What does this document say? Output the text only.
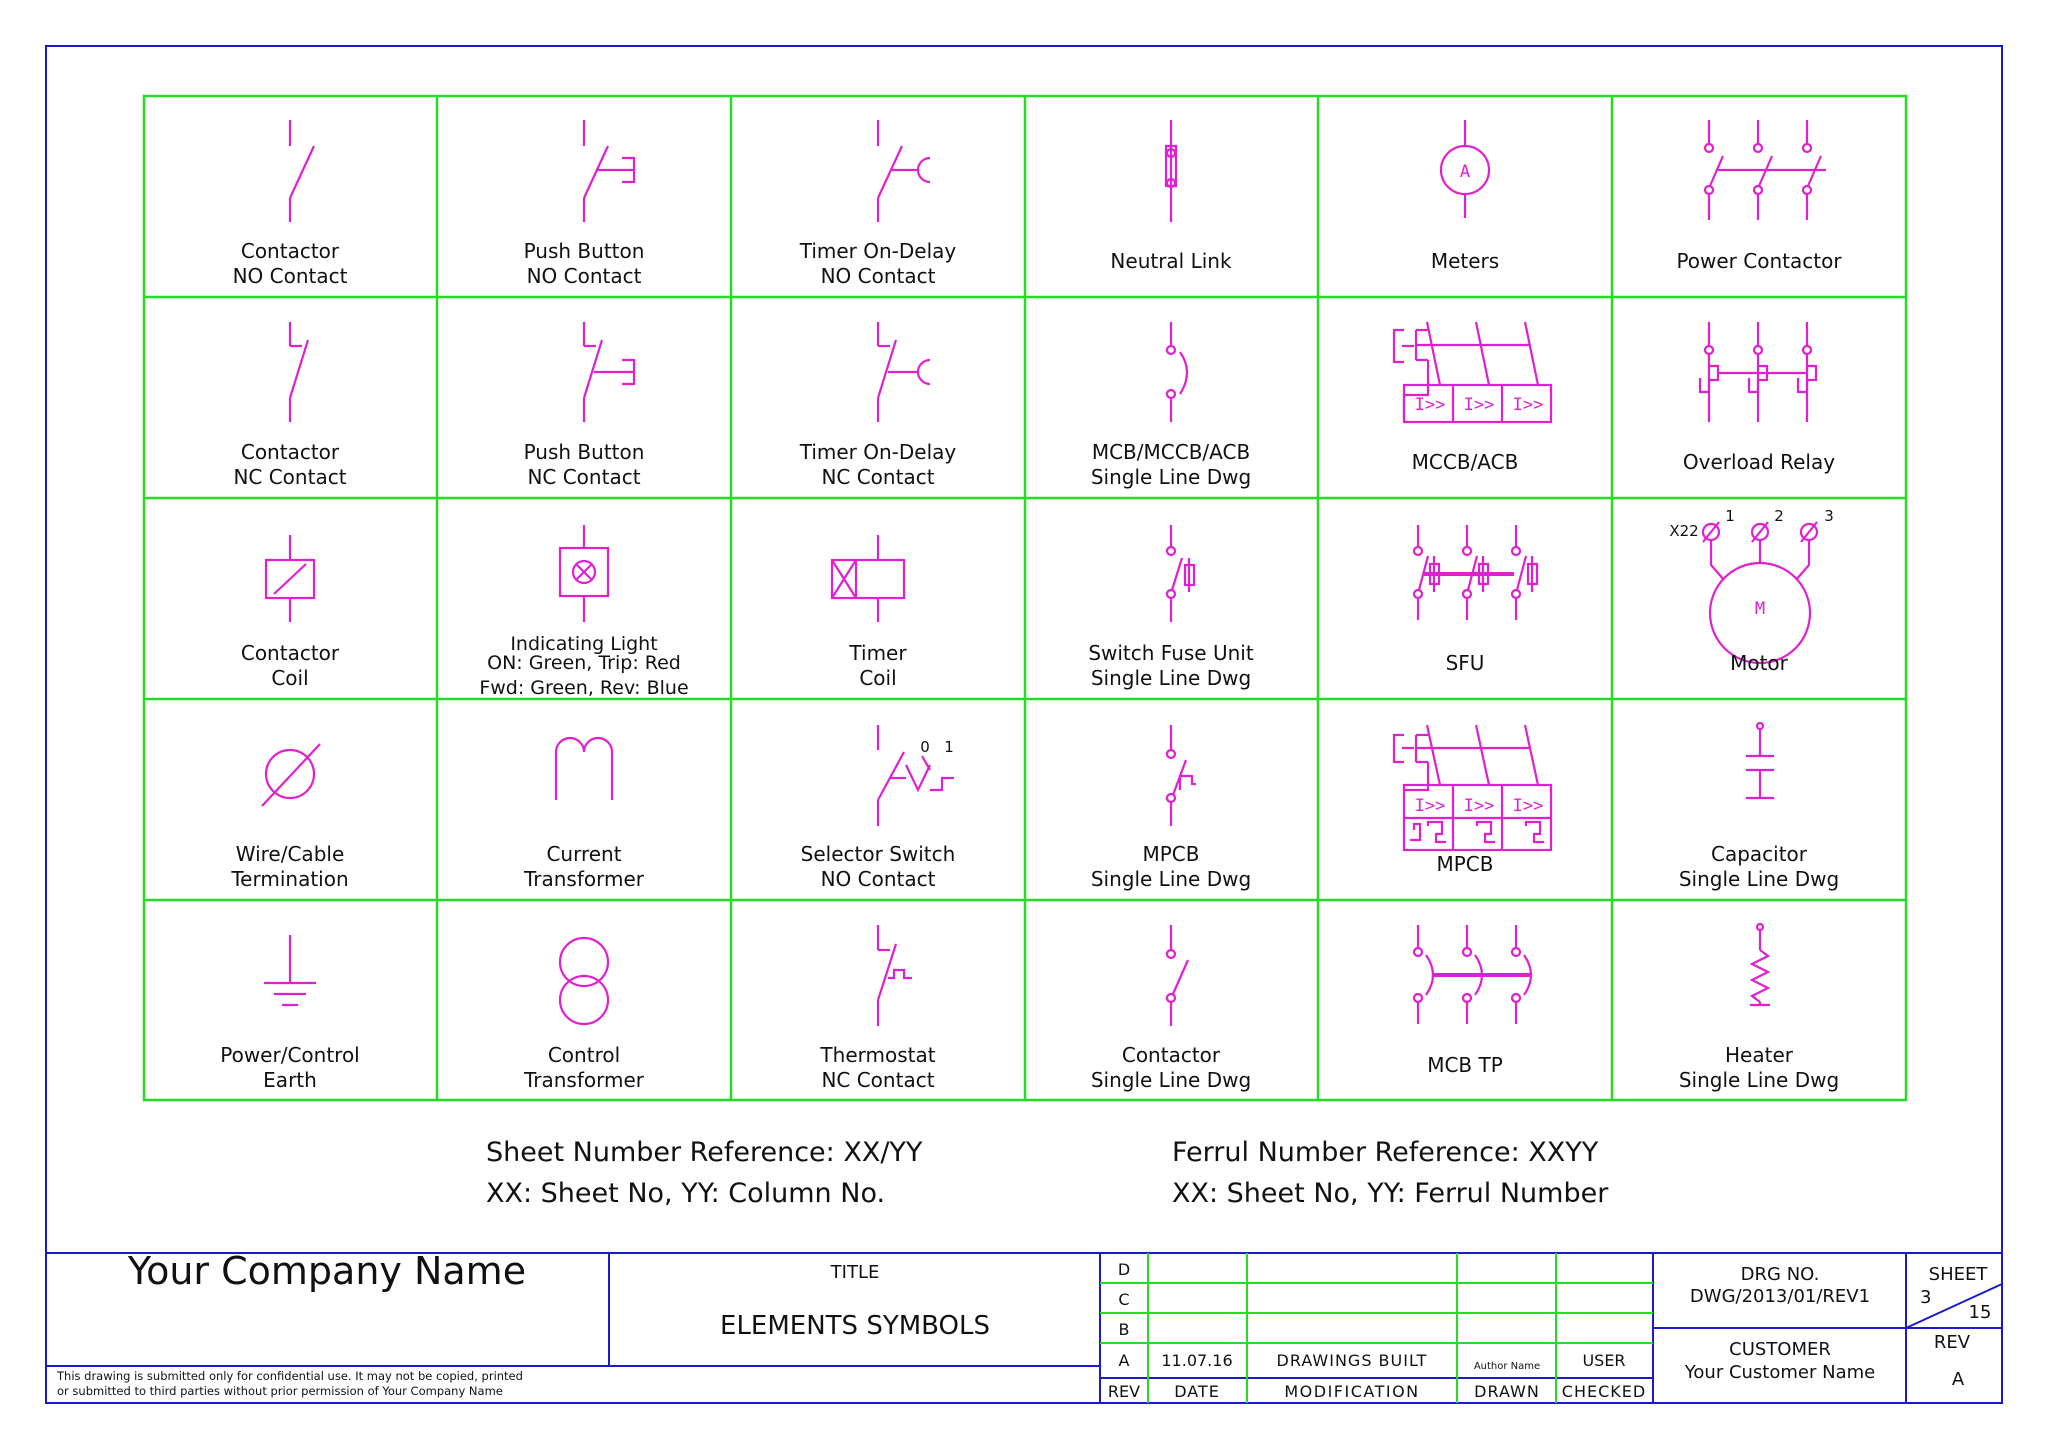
A
I>> I>> I>>
M
X22
1	2	3
0 1
I>> I>> I>>
Contactor
NO Contact
Push Button
NO Contact
Timer On-Delay
NO Contact
Neutral Link	Meters	Power Contactor
Contactor
NC Contact
Push Button
NC Contact
Timer On-Delay
NC Contact
MCB/MCCB/ACB
Single Line Dwg
MCCB/ACB	Overload Relay
Contactor
Coil
Indicating Light
ON: Green, Trip: Red
Fwd: Green, Rev: Blue
Timer
Coil
Switch Fuse Unit
Single Line Dwg
SFU	Motor
Wire/Cable
Termination
Current
Transformer
Selector Switch
NO Contact
MPCB
Single Line Dwg
MPCB	Capacitor
Single Line Dwg
Power/Control
Earth
Control
Transformer
Thermostat
NC Contact
Contactor
Single Line Dwg
MCB TP	Heater
Single Line Dwg
Sheet Number Reference: XX/YY
XX: Sheet No, YY: Column No.
Ferrul Number Reference: XXYY
XX: Sheet No, YY: Ferrul Number
Your Company Name
This drawing is submitted only for confidential use. It may not be copied, printed
or submitted to third parties without prior permission of Your Company Name
TITLE
ELEMENTS SYMBOLS
D
C
B
A 11.07.16	DRAWINGS BUILT	Author Name	USER
REV DATE	MODIFICATION	DRAWN CHECKED
DRG NO.
DWG/2013/01/REV1
CUSTOMER
Your Customer Name
SHEET
3
15
REV
A
